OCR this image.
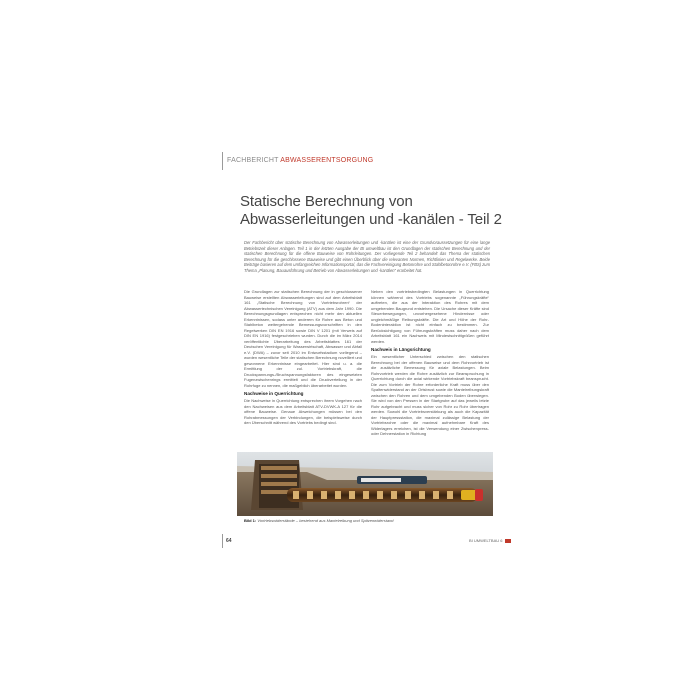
FACHBERICHT ABWASSERENTSORGUNG
Statische Berechnung von
Abwasserleitungen und -kanälen - Teil 2
Der Fachbericht über statische Berechnung von Abwasserleitungen und -kanälen ist eine der Grundvoraussetzungen für eine lange Betriebszeit dieser Anlagen. Teil 1 in der letzten Ausgabe der BI umweltbau ist den Grundlagen der statischen Berechnung und der statischen Berechnung für die offene Bauweise von Rohrleitungen. Der vorliegende Teil 2 behandelt das Thema der statischen Berechnung für die geschlossene Bauweise und gibt einen Überblick über die relevanten Normen, Richtlinien und Regelwerke. Beide Beiträge basieren auf dem umfangreichen Informationsportal, das die Fachvereinigung Betonrohre und Stahlbetonrohre e.V. (FBS) zum Thema „Planung, Bauausführung und Betrieb von Abwasserleitungen und -kanälen“ erarbeitet hat.

Die Grundlagen zur statischen Berechnung der in geschlossener Bauweise erstellten Abwasserleitungen sind auf dem Arbeitsblatt 161 „Statische Berechnung von Vortriebsrohren“ der Abwassertechnischen Vereinigung (ATV) aus dem Jahr 1990. Die Berechnungsgrundlagen entsprechen nicht mehr den aktuellen Erkenntnissen, sodass unter anderem für Rohre aus Beton und Stahlbeton weitergehende Bemessungsvorschriften in den Regelwerken DIN EN 1916 sowie DIN V 1201 (mit Verweis auf DIN EN 1916) festgeschrieben wurden. Durch die im März 2014 veröffentlichte Überarbeitung des Arbeitsblattes 161 der Deutschen Vereinigung für Wasserwirtschaft, Abwasser und Abfall e.V. (DWA) – zuvor seit 2010 im Entwurfsstadium vorliegend – wurden wesentliche Teile der statischen Berechnung novelliert und gewonnene Erkenntnisse eingearbeitet. Hier sind u. a. die Ermittlung der zul. Vortriebskraft, die Druckspannungs-/Bruchspannungsfaktoren des eingesetzten Fugenzwischenrings ermittelt und die Druckverteilung in der Rohrfuge zu nennen, die maßgeblich überarbeitet wurden.

Nachweise in Querrichtung

Die Nachweise in Querrichtung entsprechen ihrem Vorgehen nach den Nachweisen aus dem Arbeitsblatt ATV-DVWK-A 127 für die offene Bauweise. Genaue Abweichungen müssen bei den Rohrabmessungen der Verbindungen, die beispielsweise durch den Überschnitt während des Vortriebs bedingt sind.

Neben den vortriebsbedingten Belastungen in Querrichtung können während des Vortriebs sogenannte „Führungskräfte“ auftreten, die aus der Interaktion des Rohres mit dem umgebenden Baugrund entstehen. Die Ursache dieser Kräfte sind Steuerbewegungen, unvorhergesehene Hindernisse oder ungleichmäßige Reibungskräfte. Die Art und Höhe der Rohr-Bodeninteraktion ist nicht einfach zu bestimmen. Zur Berücksichtigung von Führungskräften muss daher nach dem Arbeitsblatt 161 ein Nachweis mit Mindestschnittgrößen geführt werden.

Nachweis in Längsrichtung

Ein wesentlicher Unterschied zwischen den statischen Berechnung bei der offenen Bauweise und dem Rohrvortrieb ist die zusätzliche Bemessung für axiale Belastungen. Beim Rohrvortrieb werden die Rohre zusätzlich zur Beanspruchung in Querrichtung durch die axial wirkende Vortriebskraft beansprucht. Die zum Vortrieb der Rohre erforderliche Kraft muss über den Spaltenwiderstand an der Ortsbrust sowie die Mantelreibungskraft zwischen den Rohren und dem umgebenden Boden überwiegen. Sie wird von den Pressen in der Startgrube auf das jeweils letzte Rohr aufgebracht und muss sicher von Rohr zu Rohr übertragen werden. Sowohl die Vortriebsverstärkung als auch die Kapazität der Hauptpressstation, die maximal zulässige Belastung der Vortriebsrohre oder die maximal aufnehmbare Kraft des Widerlagers erreichen, ist die Verwendung einer Zwischenpress- oder Dehnerstation in Richtung

Bild 1: Vortriebswiderstände – bestehend aus Mantelreibung und Spitzenwiderstand
64	BI UMWELTBAU 6
